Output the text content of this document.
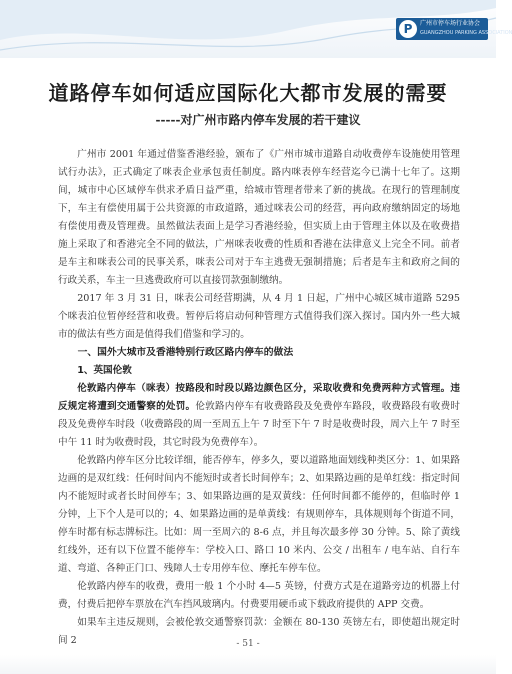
P	广州市停车场行业协会
GUANGZHOU PARKING ASSOCIATION
道路停车如何适应国际化大都市发展的需要
-----对广州市路内停车发展的若干建议

广州市 2001 年通过借鉴香港经验，颁布了《广州市城市道路自动收费停车设施使用管理试行办法》，正式确定了咪表企业承包责任制度。路内咪表停车经营迄今已满十七年了。这期间，城市中心区域停车供求矛盾日益严重，给城市管理者带来了新的挑战。在现行的管理制度下，车主有偿使用属于公共资源的市政道路，通过咪表公司的经营，再向政府缴纳固定的场地有偿使用费及管理费。虽然做法表面上是学习香港经验，但实质上由于管理主体以及在收费措施上采取了和香港完全不同的做法，广州咪表收费的性质和香港在法律意义上完全不同。前者是车主和咪表公司的民事关系，咪表公司对于车主逃费无强制措施；后者是车主和政府之间的行政关系，车主一旦逃费政府可以直接罚款强制缴纳。

2017 年 3 月 31 日，咪表公司经营期满，从 4 月 1 日起，广州中心城区城市道路 5295 个咪表泊位暂停经营和收费。暂停后将启动何种管理方式值得我们深入探讨。国内外一些大城市的做法有些方面是值得我们借鉴和学习的。

一、国外大城市及香港特别行政区路内停车的做法

1、英国伦敦

伦敦路内停车（咪表）按路段和时段以路边颜色区分，采取收费和免费两种方式管理。违反规定将遭到交通警察的处罚。伦敦路内停车有收费路段及免费停车路段，收费路段有收费时段及免费停车时段（收费路段的周一至周五上午 7 时至下午 7 时是收费时段，周六上午 7 时至中午 11 时为收费时段，其它时段为免费停车）。

伦敦路内停车区分比较详细，能否停车，停多久，要以道路地面划线种类区分：1、如果路边画的是双红线：任何时间内不能短时或者长时间停车；2、如果路边画的是单红线：指定时间内不能短时或者长时间停车；3、如果路边画的是双黄线：任何时间都不能停的，但临时停 1 分钟，上下个人是可以的；4、如果路边画的是单黄线：有规则停车，具体规则每个街道不同，停车时都有标志牌标注。比如：周一至周六的 8-6 点，并且每次最多停 30 分钟。5、除了黄线红线外，还有以下位置不能停车：学校入口、路口 10 米内、公交 / 出租车 / 电车站、自行车道、弯道、各种正门口、残障人士专用停车位、摩托车停车位。

伦敦路内停车的收费，费用一般 1 个小时 4—5 英镑，付费方式是在道路旁边的机器上付费，付费后把停车票放在汽车挡风玻璃内。付费要用硬币或下载政府提供的 APP 交费。

如果车主违反规则，会被伦敦交通警察罚款：金额在 80-130 英镑左右，即使超出规定时间 2	- 51 -
